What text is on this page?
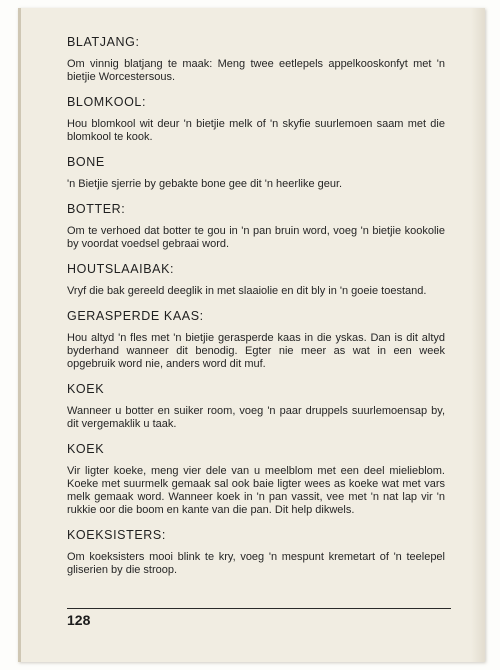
BLATJANG:
Om vinnig blatjang te maak: Meng twee eetlepels appelkooskonfyt met 'n bietjie Worcestersous.
BLOMKOOL:
Hou blomkool wit deur 'n bietjie melk of 'n skyfie suurlemoen saam met die blomkool te kook.
BONE
'n Bietjie sjerrie by gebakte bone gee dit 'n heerlike geur.
BOTTER:
Om te verhoed dat botter te gou in 'n pan bruin word, voeg 'n bietjie kookolie by voordat voedsel gebraai word.
HOUTSLAAIBAK:
Vryf die bak gereeld deeglik in met slaaiolie en dit bly in 'n goeie toestand.
GERASPERDE KAAS:
Hou altyd 'n fles met 'n bietjie gerasperde kaas in die yskas. Dan is dit altyd byderhand wanneer dit benodig. Egter nie meer as wat in een week opgebruik word nie, anders word dit muf.
KOEK
Wanneer u botter en suiker room, voeg 'n paar druppels suurlemoensap by, dit vergemaklik u taak.
KOEK
Vir ligter koeke, meng vier dele van u meelblom met een deel mielieblom. Koeke met suurmelk gemaak sal ook baie ligter wees as koeke wat met vars melk gemaak word. Wanneer koek in 'n pan vassit, vee met 'n nat lap vir 'n rukkie oor die boom en kante van die pan. Dit help dikwels.
KOEKSISTERS:
Om koeksisters mooi blink te kry, voeg 'n mespunt kremetart of 'n teelepel gliserien by die stroop.
128
